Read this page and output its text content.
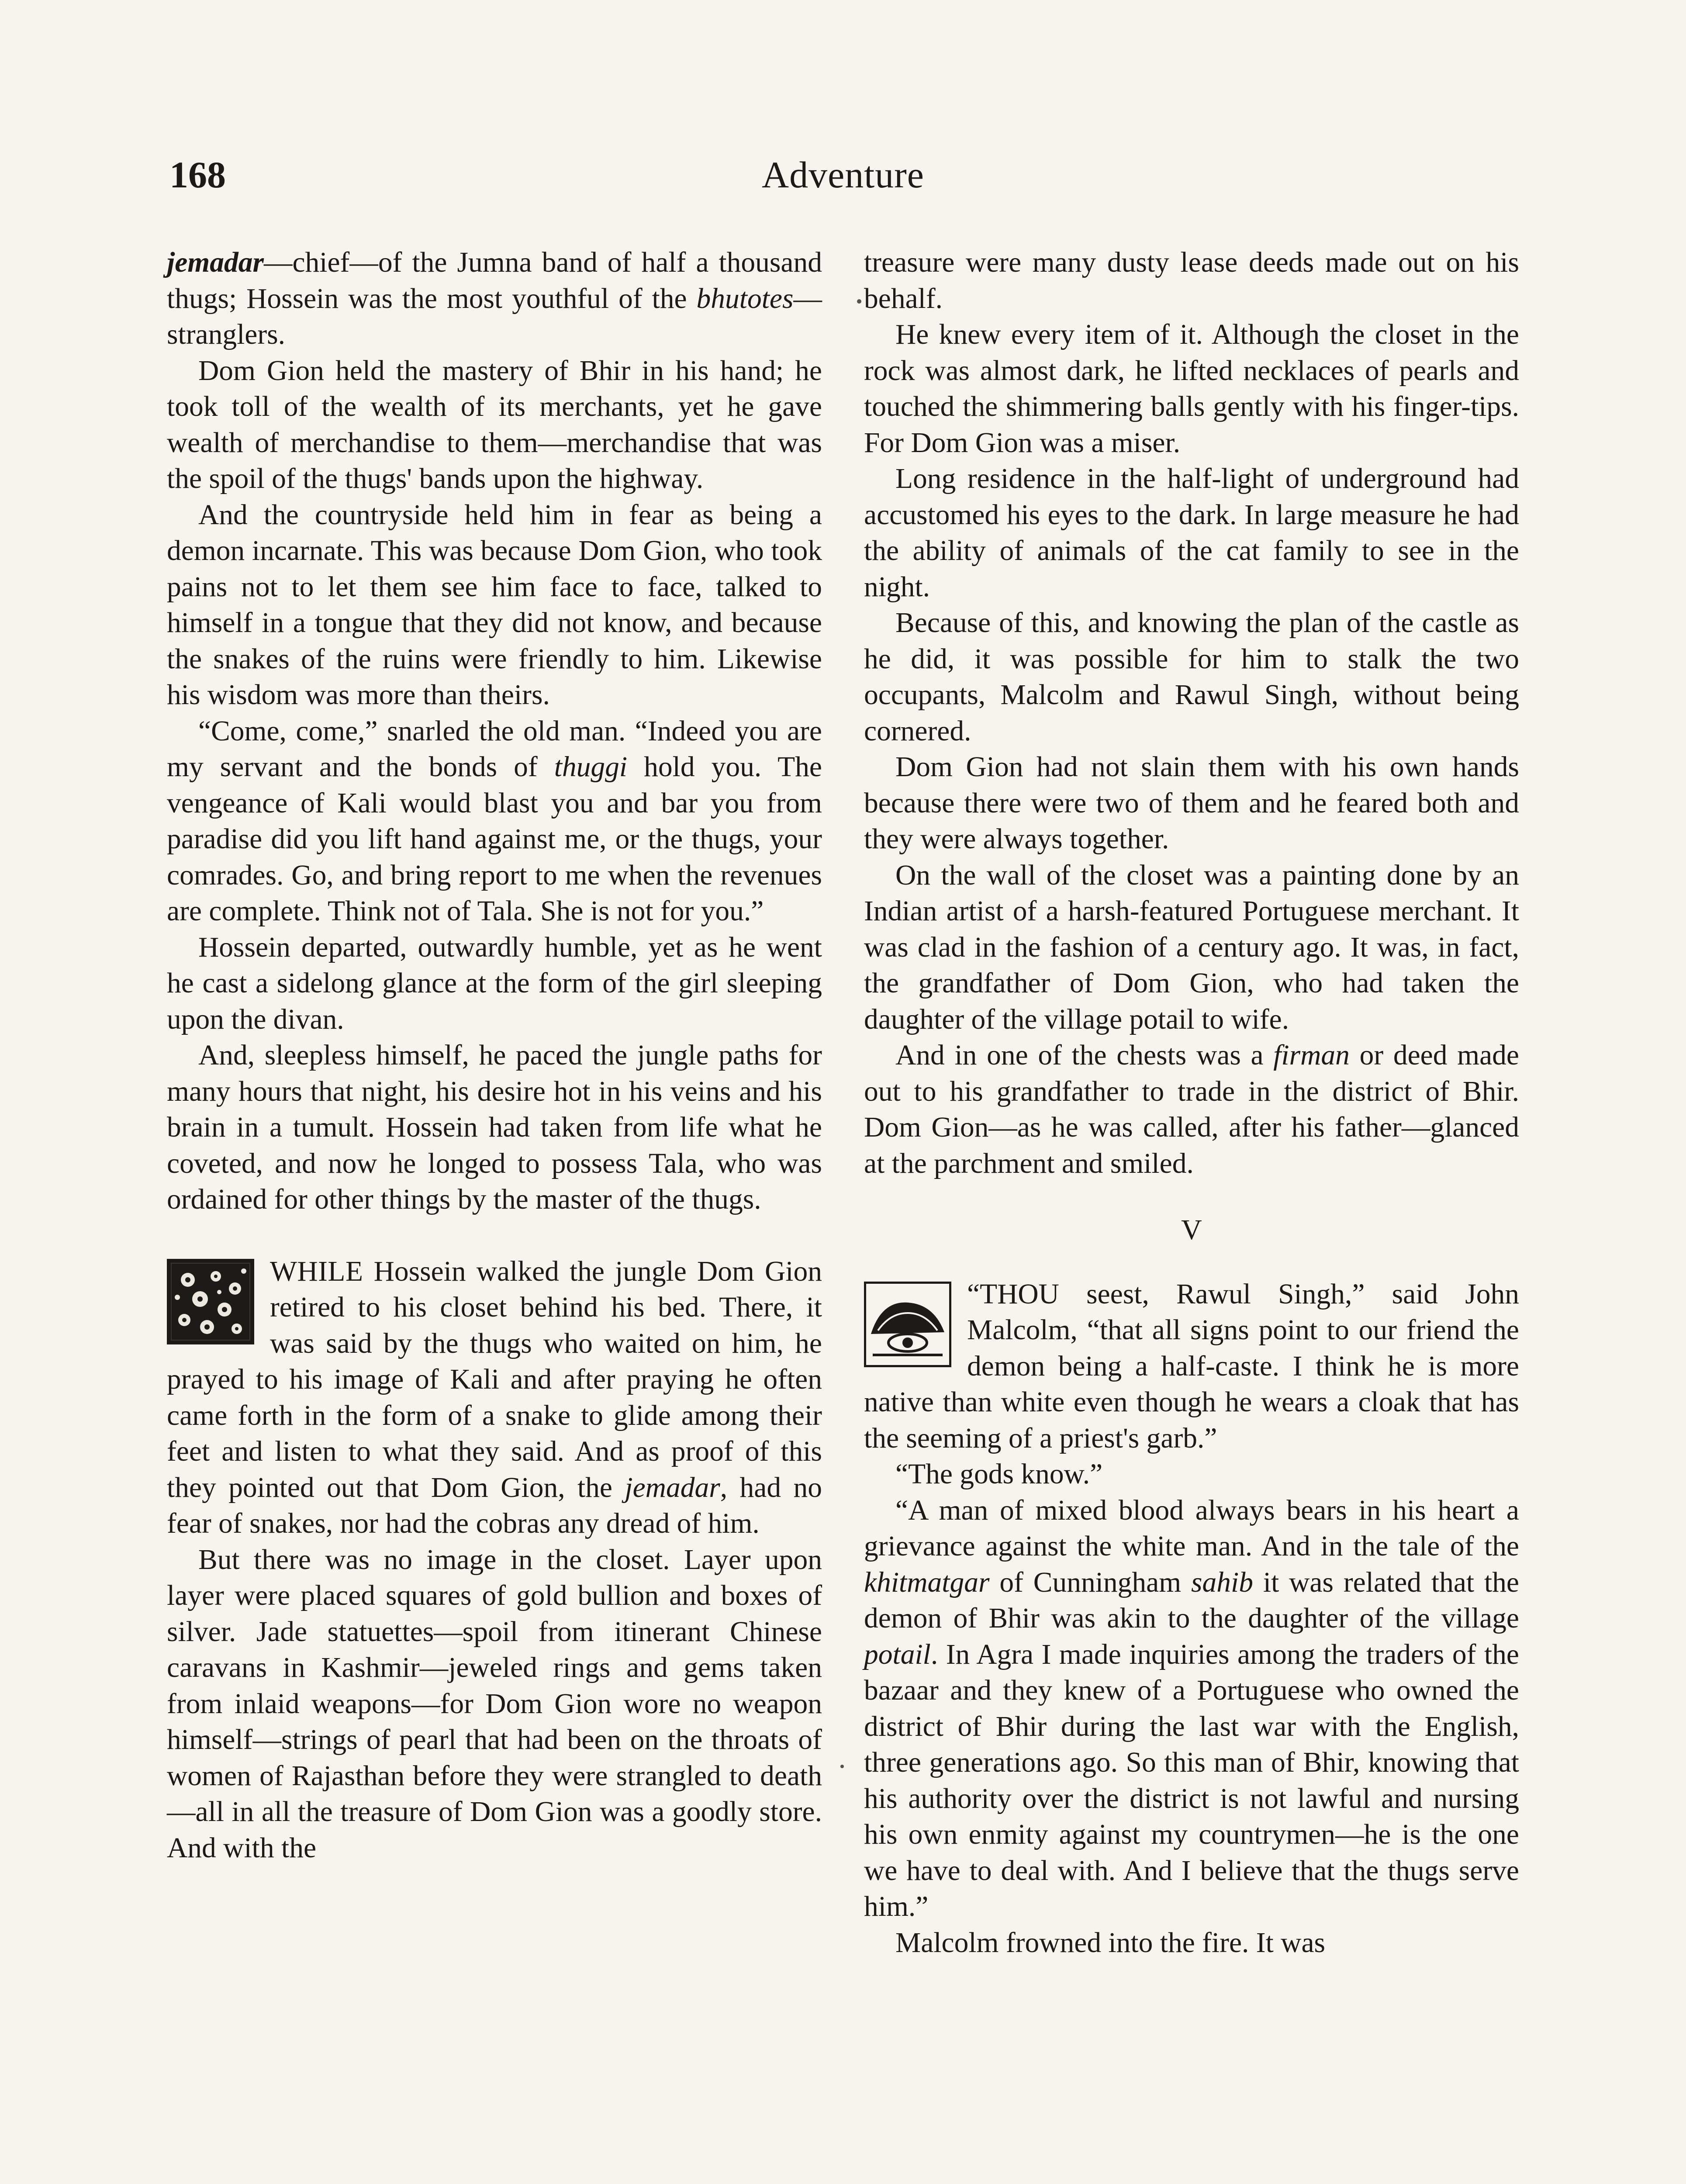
168	Adventure

jemadar—chief—of the Jumna band of half a thousand thugs; Hossein was the most youthful of the bhutotes—stranglers.

Dom Gion held the mastery of Bhir in his hand; he took toll of the wealth of its merchants, yet he gave wealth of merchandise to them—merchandise that was the spoil of the thugs' bands upon the highway.

And the countryside held him in fear as being a demon incarnate. This was because Dom Gion, who took pains not to let them see him face to face, talked to himself in a tongue that they did not know, and because the snakes of the ruins were friendly to him. Likewise his wisdom was more than theirs.

“Come, come,” snarled the old man. “Indeed you are my servant and the bonds of thuggi hold you. The vengeance of Kali would blast you and bar you from paradise did you lift hand against me, or the thugs, your comrades. Go, and bring report to me when the revenues are complete. Think not of Tala. She is not for you.”

Hossein departed, outwardly humble, yet as he went he cast a sidelong glance at the form of the girl sleeping upon the divan.

And, sleepless himself, he paced the jungle paths for many hours that night, his desire hot in his veins and his brain in a tumult. Hossein had taken from life what he coveted, and now he longed to possess Tala, who was ordained for other things by the master of the thugs.

WHILE Hossein walked the jungle Dom Gion retired to his closet behind his bed. There, it was said by the thugs who waited on him, he prayed to his image of Kali and after praying he often came forth in the form of a snake to glide among their feet and listen to what they said. And as proof of this they pointed out that Dom Gion, the jemadar, had no fear of snakes, nor had the cobras any dread of him.

But there was no image in the closet. Layer upon layer were placed squares of gold bullion and boxes of silver. Jade statuettes—spoil from itinerant Chinese caravans in Kashmir—jeweled rings and gems taken from inlaid weapons—for Dom Gion wore no weapon himself—strings of pearl that had been on the throats of women of Rajasthan before they were strangled to death—all in all the treasure of Dom Gion was a goodly store. And with the

treasure were many dusty lease deeds made out on his behalf.

He knew every item of it. Although the closet in the rock was almost dark, he lifted necklaces of pearls and touched the shimmering balls gently with his finger-tips. For Dom Gion was a miser.

Long residence in the half-light of underground had accustomed his eyes to the dark. In large measure he had the ability of animals of the cat family to see in the night.

Because of this, and knowing the plan of the castle as he did, it was possible for him to stalk the two occupants, Malcolm and Rawul Singh, without being cornered.

Dom Gion had not slain them with his own hands because there were two of them and he feared both and they were always together.

On the wall of the closet was a painting done by an Indian artist of a harsh-featured Portuguese merchant. It was clad in the fashion of a century ago. It was, in fact, the grandfather of Dom Gion, who had taken the daughter of the village potail to wife.

And in one of the chests was a firman or deed made out to his grandfather to trade in the district of Bhir. Dom Gion—as he was called, after his father—glanced at the parchment and smiled.

V

“THOU seest, Rawul Singh,” said John Malcolm, “that all signs point to our friend the demon being a half-caste. I think he is more native than white even though he wears a cloak that has the seeming of a priest's garb.”

“The gods know.”

“A man of mixed blood always bears in his heart a grievance against the white man. And in the tale of the khitmatgar of Cunningham sahib it was related that the demon of Bhir was akin to the daughter of the village potail. In Agra I made inquiries among the traders of the bazaar and they knew of a Portuguese who owned the district of Bhir during the last war with the English, three generations ago. So this man of Bhir, knowing that his authority over the district is not lawful and nursing his own enmity against my countrymen—he is the one we have to deal with. And I believe that the thugs serve him.”

Malcolm frowned into the fire. It was
